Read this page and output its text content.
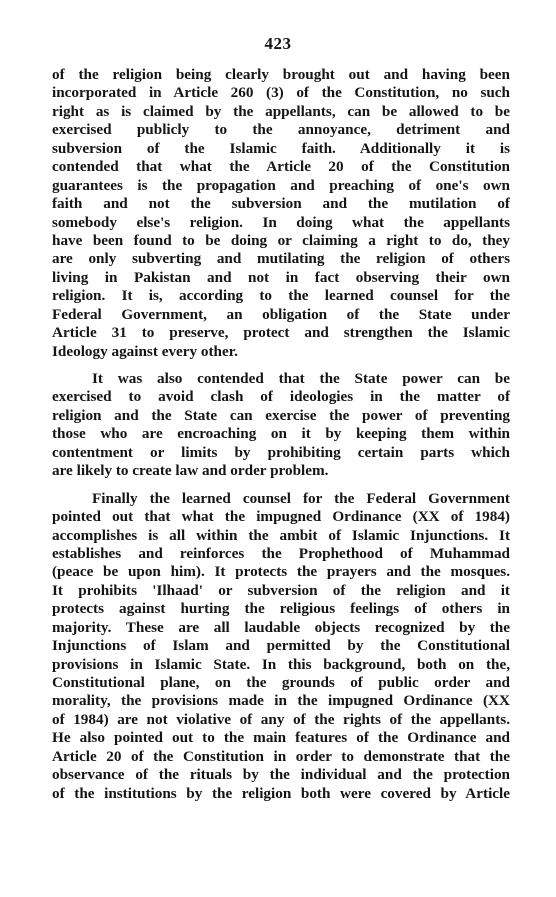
423
of the religion being clearly brought out and having been
incorporated in Article 260 (3) of the Constitution, no such
right as is claimed by the appellants, can be allowed to be
exercised publicly to the annoyance, detriment and
subversion of the Islamic faith. Additionally it is
contended that what the Article 20 of the Constitution
guarantees is the propagation and preaching of one's own
faith and not the subversion and the mutilation of
somebody else's religion. In doing what the appellants
have been found to be doing or claiming a right to do, they
are only subverting and mutilating the religion of others
living in Pakistan and not in fact observing their own
religion. It is, according to the learned counsel for the
Federal Government, an obligation of the State under
Article 31 to preserve, protect and strengthen the Islamic
Ideology against every other.
It was also contended that the State power can be
exercised to avoid clash of ideologies in the matter of
religion and the State can exercise the power of preventing
those who are encroaching on it by keeping them within
contentment or limits by prohibiting certain parts which
are likely to create law and order problem.
Finally the learned counsel for the Federal Government
pointed out that what the impugned Ordinance (XX of 1984)
accomplishes is all within the ambit of Islamic Injunctions. It
establishes and reinforces the Prophethood of Muhammad
(peace be upon him). It protects the prayers and the mosques.
It prohibits 'Ilhaad' or subversion of the religion and it
protects against hurting the religious feelings of others in
majority. These are all laudable objects recognized by the
Injunctions of Islam and permitted by the Constitutional
provisions in Islamic State. In this background, both on the,
Constitutional plane, on the grounds of public order and
morality, the provisions made in the impugned Ordinance (XX
of 1984) are not violative of any of the rights of the appellants.
He also pointed out to the main features of the Ordinance and
Article 20 of the Constitution in order to demonstrate that the
observance of the rituals by the individual and the protection
of the institutions by the religion both were covered by Article
